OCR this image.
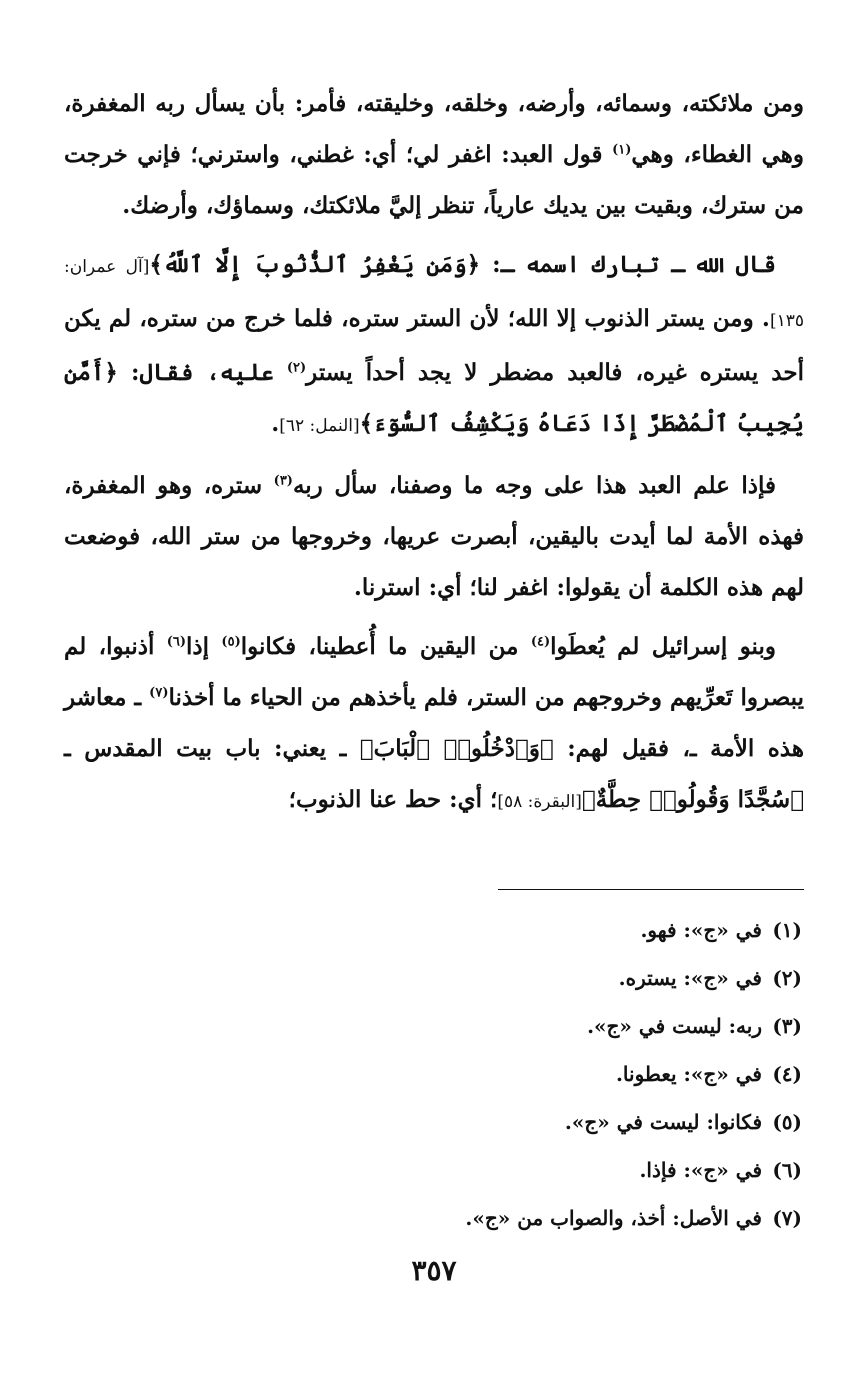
ومن ملائكته، وسمائه، وأرضه، وخلقه، وخليقته، فأمر: بأن يسأل ربه المغفرة، وهي الغطاء، وهي$^{(١)}$ قول العبد: اغفر لي؛ أي: غطني، واسترني؛ فإني خرجت من سترك، وبقيت بين يديك عارياً، تنظر إليَّ ملائكتك، وسماؤك، وأرضك.

قال الله ـ تبارك اسمه ـ: ﴿وَمَن يَغْفِرُ ٱلذُّنُوبَ إِلَّا ٱللَّهُ﴾[آل عمران: ١٣٥]. ومن يستر الذنوب إلا الله؛ لأن الستر ستره، فلما خرج من ستره، لم يكن أحد يستره غيره، فالعبد مضطر لا يجد أحداً يستر$^{(٢)}$ عليه، فقال: ﴿أَمَّن يُجِيبُ ٱلْمُضْطَرَّ إِذَا دَعَاهُ وَيَكْشِفُ ٱلسُّوٓءَ﴾[النمل: ٦٢].

فإذا علم العبد هذا على وجه ما وصفنا، سأل ربه$^{(٣)}$ ستره، وهو المغفرة، فهذه الأمة لما أيدت باليقين، أبصرت عريها، وخروجها من ستر الله، فوضعت لهم هذه الكلمة أن يقولوا: اغفر لنا؛ أي: استرنا.

وبنو إسرائيل لم يُعطَوا$^{(٤)}$ من اليقين ما أُعطينا، فكانوا$^{(٥)}$ إذا$^{(٦)}$ أذنبوا، لم يبصروا تَعرِّيهم وخروجهم من الستر، فلم يأخذهم من الحياء ما أخذنا$^{(٧)}$ ـ معاشر هذه الأمة ـ، فقيل لهم: ﴿وَٱدْخُلُوا۟ ٱلْبَابَ﴾ ـ يعني: باب بيت المقدس ـ ﴿سُجَّدًا وَقُولُوا۟ حِطَّةٌ﴾[البقرة: ٥٨]؛ أي: حط عنا الذنوب؛

(١)في «ج»: فهو.
(٢)في «ج»: يستره.
(٣)ربه: ليست في «ج».
(٤)في «ج»: يعطونا.
(٥)فكانوا: ليست في «ج».
(٦)في «ج»: فإذا.
(٧)في الأصل: أخذ، والصواب من «ج».
٣٥٧
